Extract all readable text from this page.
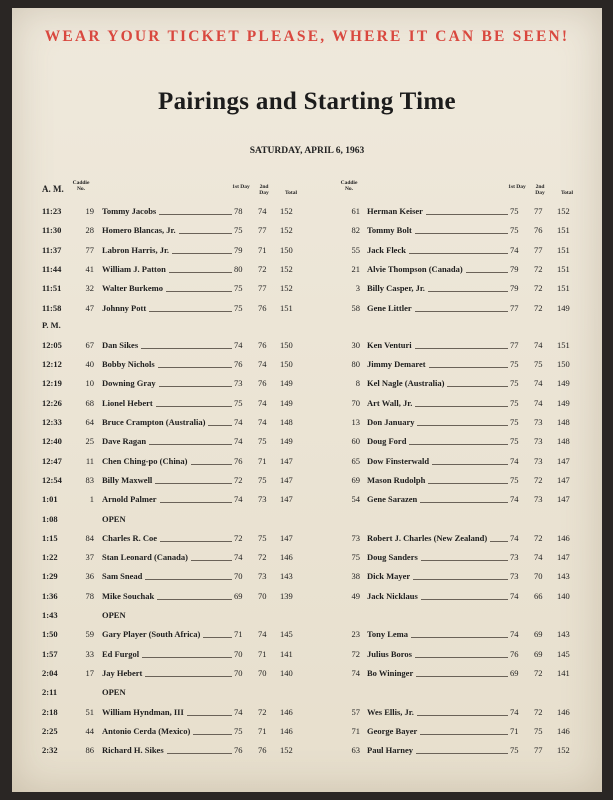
WEAR YOUR TICKET PLEASE, WHERE IT CAN BE SEEN!
Pairings and Starting Time
SATURDAY, APRIL 6, 1963
A. M.
Caddie No.	1st Day	2nd Day	Total
Caddie No.	1st Day	2nd Day	Total
11:23	19 Tommy Jacobs	78 74 152	61 Herman Keiser	75 77 152
11:30	28 Homero Blancas, Jr.	75 77 152	82 Tommy Bolt	75 76 151
11:37	77 Labron Harris, Jr.	79 71 150	55 Jack Fleck	74 77 151
11:44	41 William J. Patton	80 72 152	21 Alvie Thompson (Canada)	79 72 151
11:51	32 Walter Burkemo	75 77 152	3 Billy Casper, Jr.	79 72 151
11:58	47 Johnny Pott	75 76 151	58 Gene Littler	77 72 149
P. M.
12:05	67 Dan Sikes	74 76 150	30 Ken Venturi	77 74 151
12:12	40 Bobby Nichols	76 74 150	80 Jimmy Demaret	75 75 150
12:19	10 Downing Gray	73 76 149	8 Kel Nagle (Australia)	75 74 149
12:26	68 Lionel Hebert	75 74 149	70 Art Wall, Jr.	75 74 149
12:33	64 Bruce Crampton (Australia)	74 74 148	13 Don January	75 73 148
12:40	25 Dave Ragan	74 75 149	60 Doug Ford	75 73 148
12:47	11 Chen Ching-po (China)	76 71 147	65 Dow Finsterwald	74 73 147
12:54	83 Billy Maxwell	72 75 147	69 Mason Rudolph	75 72 147
1:01	1 Arnold Palmer	74 73 147	54 Gene Sarazen	74 73 147
1:08	OPEN
1:15	84 Charles R. Coe	72 75 147	73 Robert J. Charles (New Zealand)	74 72 146
1:22	37 Stan Leonard (Canada)	74 72 146	75 Doug Sanders	73 74 147
1:29	36 Sam Snead	70 73 143	38 Dick Mayer	73 70 143
1:36	78 Mike Souchak	69 70 139	49 Jack Nicklaus	74 66 140
1:43	OPEN
1:50	59 Gary Player (South Africa)	71 74 145	23 Tony Lema	74 69 143
1:57	33 Ed Furgol	70 71 141	72 Julius Boros	76 69 145
2:04	17 Jay Hebert	70 70 140	74 Bo Wininger	69 72 141
2:11	OPEN
2:18	51 William Hyndman, III	74 72 146	57 Wes Ellis, Jr.	74 72 146
2:25	44 Antonio Cerda (Mexico)	75 71 146	71 George Bayer	71 75 146
2:32	86 Richard H. Sikes	76 76 152	63 Paul Harney	75 77 152
